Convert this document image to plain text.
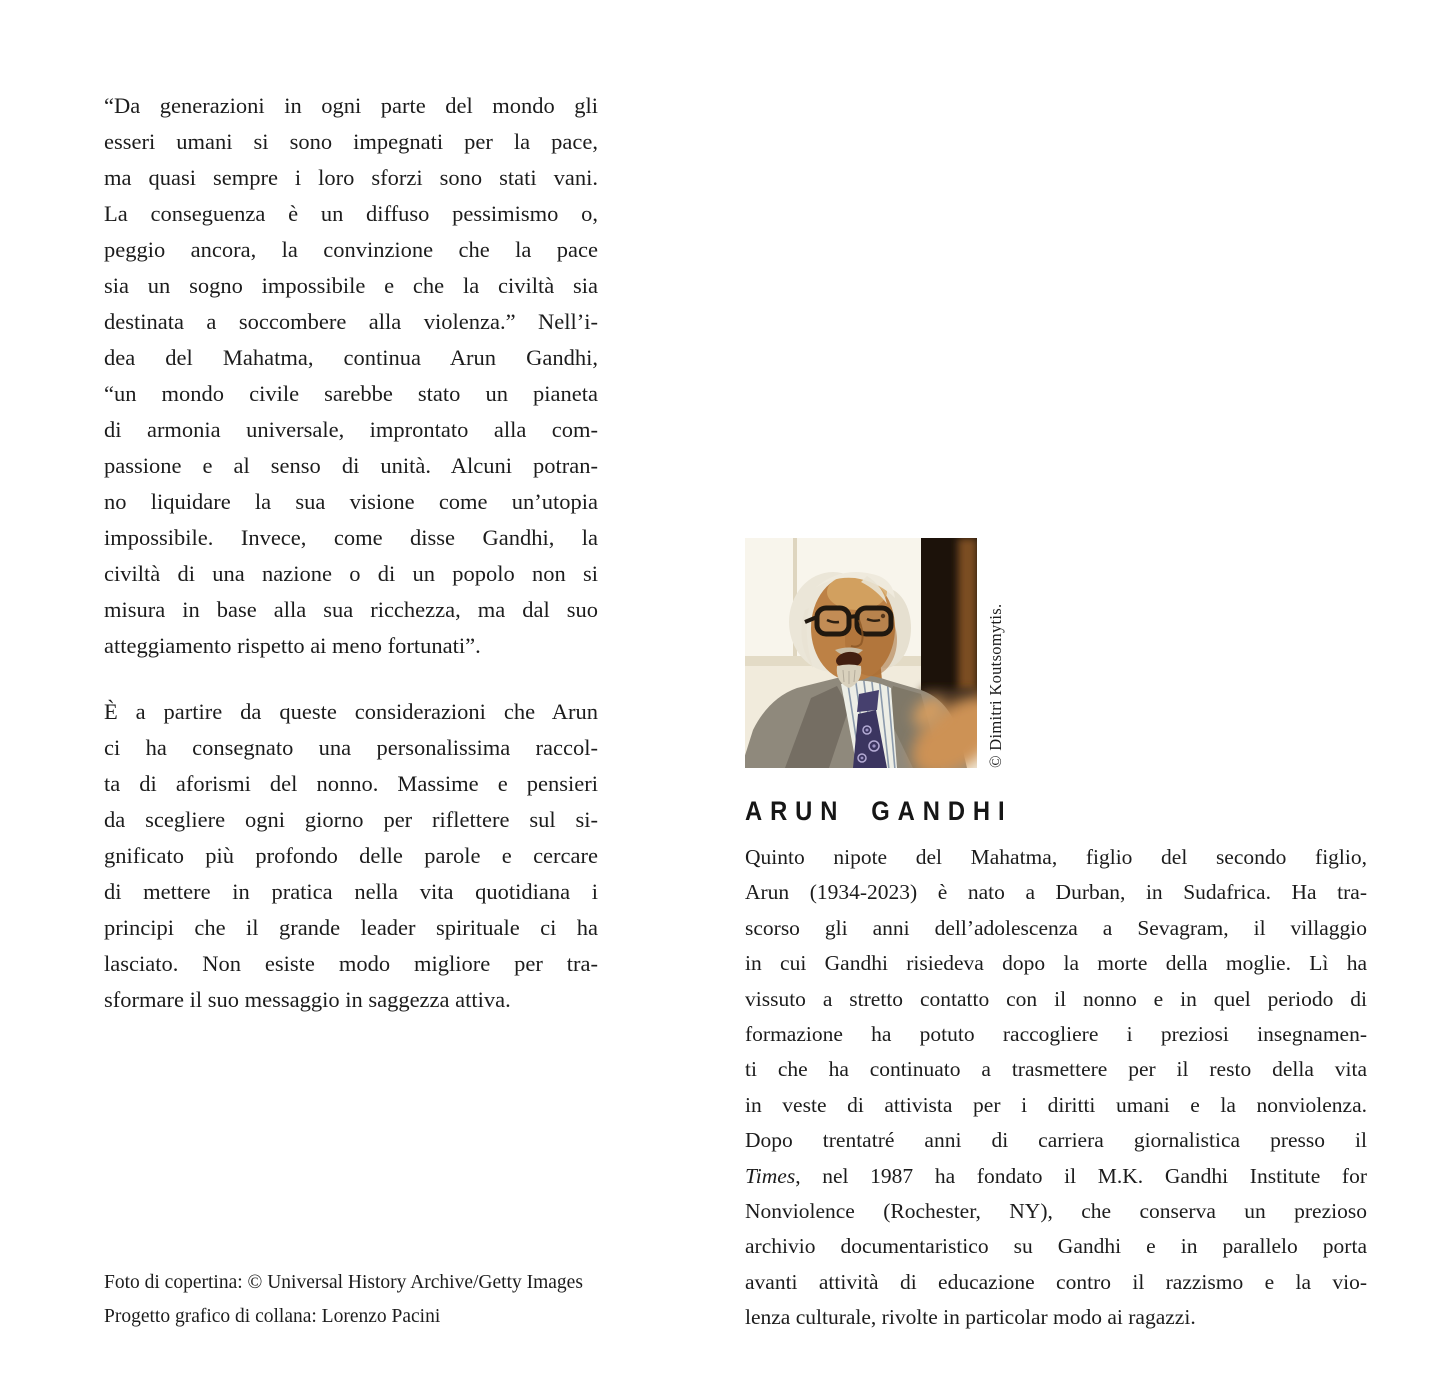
“Da generazioni in ogni parte del mondo gli
esseri umani si sono impegnati per la pace,
ma quasi sempre i loro sforzi sono stati vani.
La conseguenza è un diffuso pessimismo o,
peggio ancora, la convinzione che la pace
sia un sogno impossibile e che la civiltà sia
destinata a soccombere alla violenza.” Nell’i-
dea del Mahatma, continua Arun Gandhi,
“un mondo civile sarebbe stato un pianeta
di armonia universale, improntato alla com-
passione e al senso di unità. Alcuni potran-
no liquidare la sua visione come un’utopia
impossibile. Invece, come disse Gandhi, la
civiltà di una nazione o di un popolo non si
misura in base alla sua ricchezza, ma dal suo
atteggiamento rispetto ai meno fortunati”.
È a partire da queste considerazioni che Arun
ci ha consegnato una personalissima raccol-
ta di aforismi del nonno. Massime e pensieri
da scegliere ogni giorno per riflettere sul si-
gnificato più profondo delle parole e cercare
di mettere in pratica nella vita quotidiana i
principi che il grande leader spirituale ci ha
lasciato. Non esiste modo migliore per tra-
sformare il suo messaggio in saggezza attiva.
Foto di copertina: © Universal History Archive/Getty Images
Progetto grafico di collana: Lorenzo Pacini
© Dimitri Koutsomytis.
ARUN GANDHI
Quinto nipote del Mahatma, figlio del secondo figlio,
Arun (1934-2023) è nato a Durban, in Sudafrica. Ha tra-
scorso gli anni dell’adolescenza a Sevagram, il villaggio
in cui Gandhi risiedeva dopo la morte della moglie. Lì ha
vissuto a stretto contatto con il nonno e in quel periodo di
formazione ha potuto raccogliere i preziosi insegnamen-
ti che ha continuato a trasmettere per il resto della vita
in veste di attivista per i diritti umani e la nonviolenza.
Dopo trentatré anni di carriera giornalistica presso il
Times, nel 1987 ha fondato il M.K. Gandhi Institute for
Nonviolence (Rochester, NY), che conserva un prezioso
archivio documentaristico su Gandhi e in parallelo porta
avanti attività di educazione contro il razzismo e la vio-
lenza culturale, rivolte in particolar modo ai ragazzi.
